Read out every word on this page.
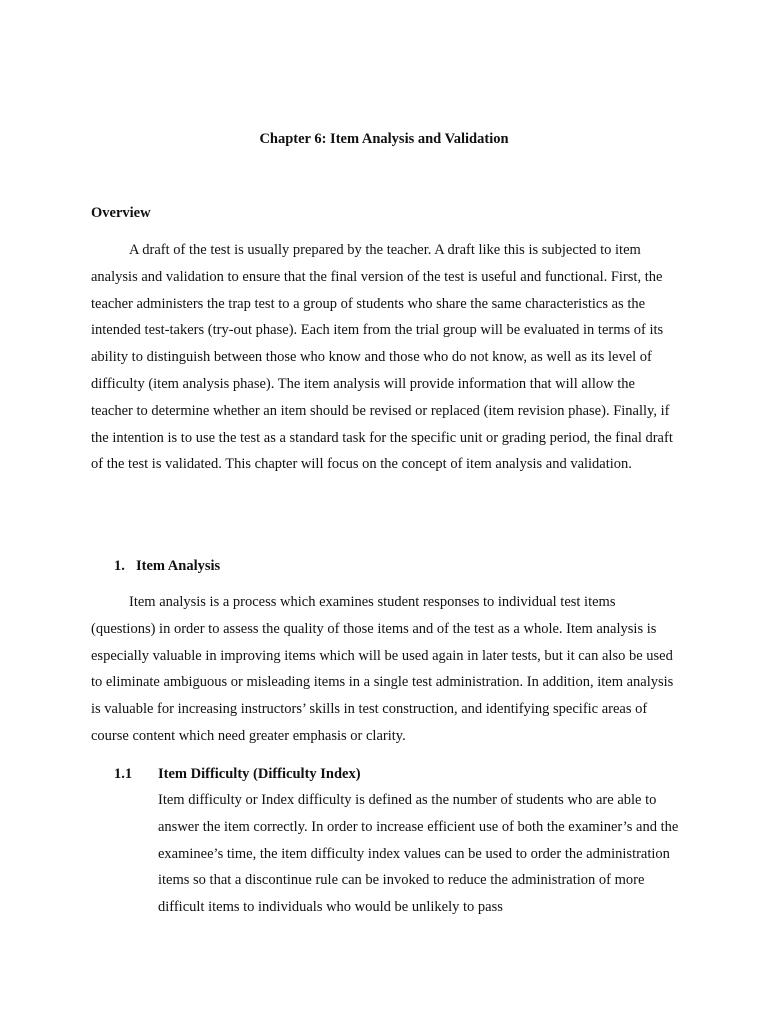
Chapter 6: Item Analysis and Validation
Overview

A draft of the test is usually prepared by the teacher. A draft like this is subjected to item analysis and validation to ensure that the final version of the test is useful and functional. First, the teacher administers the trap test to a group of students who share the same characteristics as the intended test-takers (try-out phase). Each item from the trial group will be evaluated in terms of its ability to distinguish between those who know and those who do not know, as well as its level of difficulty (item analysis phase). The item analysis will provide information that will allow the teacher to determine whether an item should be revised or replaced (item revision phase). Finally, if the intention is to use the test as a standard task for the specific unit or grading period, the final draft of the test is validated. This chapter will focus on the concept of item analysis and validation.

1. Item Analysis

Item analysis is a process which examines student responses to individual test items (questions) in order to assess the quality of those items and of the test as a whole. Item analysis is especially valuable in improving items which will be used again in later tests, but it can also be used to eliminate ambiguous or misleading items in a single test administration. In addition, item analysis is valuable for increasing instructors’ skills in test construction, and identifying specific areas of course content which need greater emphasis or clarity.

1.1 Item Difficulty (Difficulty Index)

Item difficulty or Index difficulty is defined as the number of students who are able to answer the item correctly. In order to increase efficient use of both the examiner’s and the examinee’s time, the item difficulty index values can be used to order the administration items so that a discontinue rule can be invoked to reduce the administration of more difficult items to individuals who would be unlikely to pass
